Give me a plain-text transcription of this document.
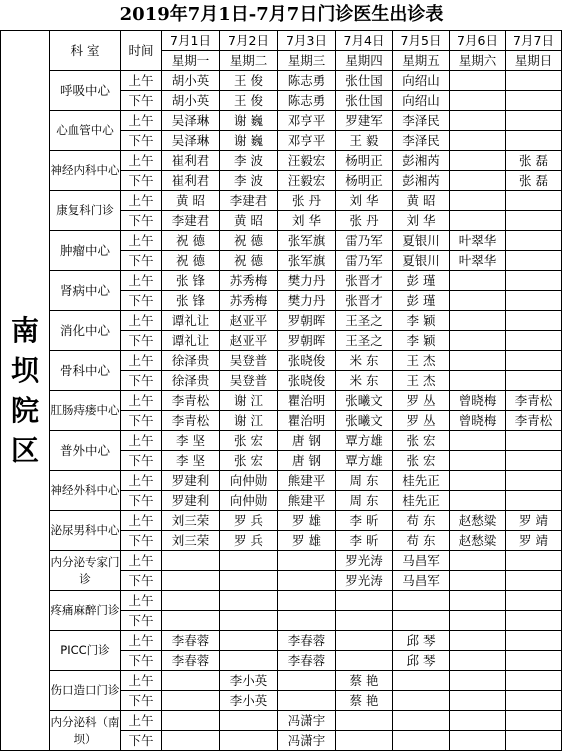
2019年7月1日-7月7日门诊医生出诊表
南坝院区	科 室	时间	7月1日	7月2日	7月3日	7月4日	7月5日	7月6日	7月7日
			星期一	星期二	星期三	星期四	星期五	星期六	星期日
	呼吸中心	上午	胡小英	王 俊	陈志勇	张仕国	向绍山		
		下午	胡小英	王 俊	陈志勇	张仕国	向绍山		
	心血管中心	上午	吴泽琳	谢 巍	邓亨平	罗建军	李泽民		
		下午	吴泽琳	谢 巍	邓亨平	王 毅	李泽民		
	神经内科中心	上午	崔利君	李 波	汪毅宏	杨明正	彭湘芮		张 磊
		下午	崔利君	李 波	汪毅宏	杨明正	彭湘芮		张 磊
	康复科门诊	上午	黄 昭	李建君	张 丹	刘 华	黄 昭		
		下午	李建君	黄 昭	刘 华	张 丹	刘 华		
	肿瘤中心	上午	祝 德	祝 德	张军旗	雷乃军	夏银川	叶翠华	
		下午	祝 德	祝 德	张军旗	雷乃军	夏银川	叶翠华	
	肾病中心	上午	张 锋	苏秀梅	樊力丹	张晋才	彭 瑾		
		下午	张 锋	苏秀梅	樊力丹	张晋才	彭 瑾		
	消化中心	上午	谭礼让	赵亚平	罗朝晖	王圣之	李 颖		
		下午	谭礼让	赵亚平	罗朝晖	王圣之	李 颖		
	骨科中心	上午	徐泽贵	吴登普	张晓俊	米 东	王 杰		
		下午	徐泽贵	吴登普	张晓俊	米 东	王 杰		
	肛肠痔瘘中心	上午	李青松	谢 江	瞿治明	张曦文	罗 丛	曾晓梅	李青松
		下午	李青松	谢 江	瞿治明	张曦文	罗 丛	曾晓梅	李青松
	普外中心	上午	李 坚	张 宏	唐 钢	覃方雄	张 宏		
		下午	李 坚	张 宏	唐 钢	覃方雄	张 宏		
	神经外科中心	上午	罗建利	向仲勋	熊建平	周 东	桂先正		
		下午	罗建利	向仲勋	熊建平	周 东	桂先正		
	泌尿男科中心	上午	刘三荣	罗 兵	罗 雄	李 昕	苟 东	赵愁粱	罗 靖
		下午	刘三荣	罗 兵	罗 雄	李 昕	苟 东	赵愁粱	罗 靖
	内分泌专家门诊	上午				罗光涛	马昌军		
		下午				罗光涛	马昌军		
	疼痛麻醉门诊	上午							
		下午							
	PICC门诊	上午	李春蓉		李春蓉		邱 琴		
		下午	李春蓉		李春蓉		邱 琴		
	伤口造口门诊	上午		李小英		蔡 艳			
		下午		李小英		蔡 艳			
	内分泌科（南坝）	上午			冯潇宇				
		下午			冯潇宇				
